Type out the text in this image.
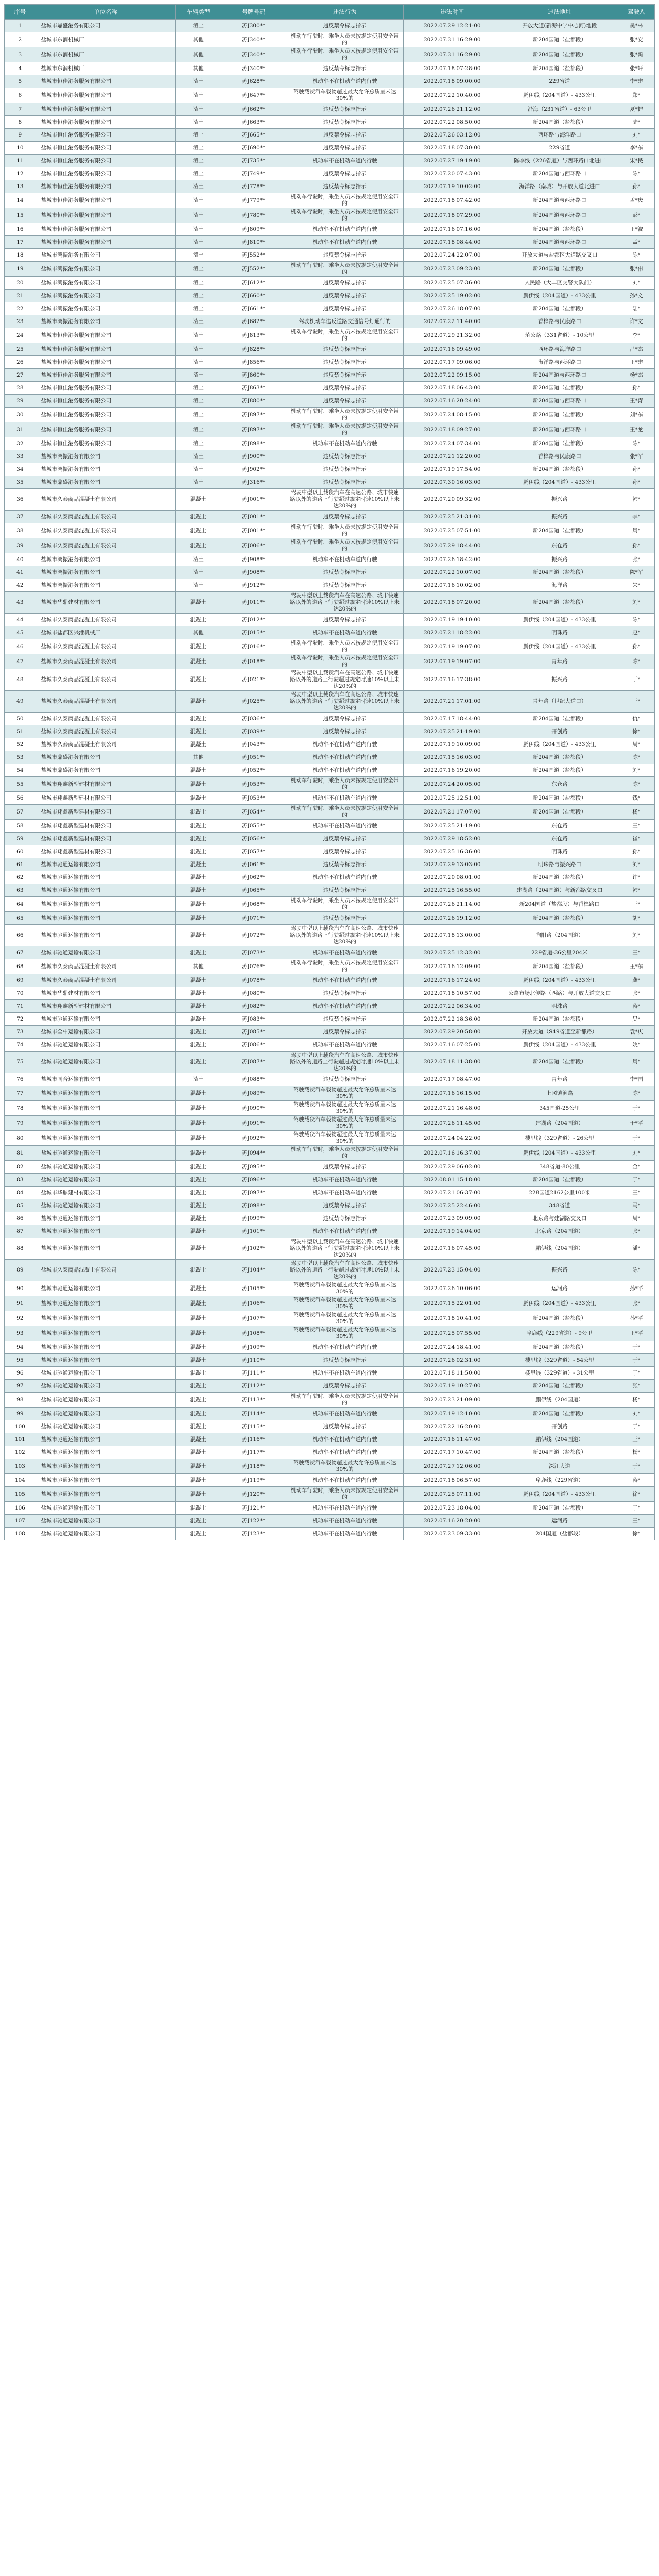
序号	单位名称	车辆类型	号牌号码	违法行为	违法时间	违法地址	驾驶人
1	盐城市鼎盛港务有限公司	渣土	苏J300**	违反禁令标志指示	2022.07.29 12:21:00	开放大道(新海中学中心河)地段	吴*林
2	盐城市东润机械厂	其他	苏J340**	机动车行驶时，乘坐人员未按规定使用安全带的	2022.07.31 16:29:00	新204国道（盐都段）	张*安
3	盐城市东润机械厂	其他	苏J340**	机动车行驶时，乘坐人员未按规定使用安全带的	2022.07.31 16:29:00	新204国道（盐都段）	张*新
4	盐城市东润机械厂	其他	苏J340**	违反禁令标志指示	2022.07.18 07:28:00	新204国道（盐都段）	张*轩
5	盐城市恒佳港务服务有限公司	渣土	苏J628**	机动车不在机动车道内行驶	2022.07.18 09:00:00	229省道	李*建
6	盐城市恒佳港务服务有限公司	渣土	苏J647**	驾驶载货汽车载物超过最大允许总质量未达30%的	2022.07.22 10:40:00	鹏伊线（204国道）- 433公里	郑*
7	盐城市恒佳港务服务有限公司	渣土	苏J662**	违反禁令标志指示	2022.07.26 21:12:00	沿海（231省道）- 63公里	夏*健
8	盐城市恒佳港务服务有限公司	渣土	苏J663**	违反禁令标志指示	2022.07.22 08:50:00	新204国道（盐都段）	陆*
9	盐城市恒佳港务服务有限公司	渣土	苏J665**	违反禁令标志指示	2022.07.26 03:12:00	西环路与海洋路口	刘*
10	盐城市恒佳港务服务有限公司	渣土	苏J690**	违反禁令标志指示	2022.07.18 07:30:00	229省道	李*东
11	盐城市恒佳港务服务有限公司	渣土	苏J735**	机动车不在机动车道内行驶	2022.07.27 19:19:00	陈李线（226省道）与西环路口北进口	宋*民
12	盐城市恒佳港务服务有限公司	渣土	苏J749**	违反禁令标志指示	2022.07.20 07:43:00	新204国道与西环路口	陈*
13	盐城市恒佳港务服务有限公司	渣土	苏J778**	违反禁令标志指示	2022.07.19 10:02:00	海洋路（南城）与开放大道北进口	孙*
14	盐城市恒佳港务服务有限公司	渣土	苏J779**	机动车行驶时，乘坐人员未按规定使用安全带的	2022.07.18 07:42:00	新204国道与西环路口	孟*庆
15	盐城市恒佳港务服务有限公司	渣土	苏J780**	机动车行驶时，乘坐人员未按规定使用安全带的	2022.07.18 07:29:00	新204国道与西环路口	彭*
16	盐城市恒佳港务服务有限公司	渣土	苏J809**	机动车不在机动车道内行驶	2022.07.16 07:16:00	新204国道（盐都段）	王*波
17	盐城市恒佳港务服务有限公司	渣土	苏J810**	机动车不在机动车道内行驶	2022.07.18 08:44:00	新204国道与西环路口	孟*
18	盐城市鸿振港务有限公司	渣土	苏J552**	违反禁令标志指示	2022.07.24 22:07:00	开放大道与盐都区大道路交叉口	陈*
19	盐城市鸿振港务有限公司	渣土	苏J552**	机动车行驶时，乘坐人员未按规定使用安全带的	2022.07.23 09:23:00	新204国道（盐都段）	张*伟
20	盐城市鸿振港务有限公司	渣土	苏J612**	违反禁令标志指示	2022.07.25 07:36:00	人民路（大丰区交警大队前）	刘*
21	盐城市鸿振港务有限公司	渣土	苏J660**	违反禁令标志指示	2022.07.25 19:02:00	鹏伊线（204国道）- 433公里	孙*文
22	盐城市鸿振港务有限公司	渣土	苏J661**	违反禁令标志指示	2022.07.26 18:07:00	新204国道（盐都段）	陆*
23	盐城市鸿振港务有限公司	渣土	苏J682**	驾驶机动车违反道路交通信号灯通行的	2022.07.22 11:40:00	香樟路与民康路口	许*文
24	盐城市恒佳港务服务有限公司	渣土	苏J813**	机动车行驶时，乘坐人员未按规定使用安全带的	2022.07.29 21:32:00	范公路（331省道）- 10公里	李*
25	盐城市恒佳港务服务有限公司	渣土	苏J828**	违反禁令标志指示	2022.07.16 09:49:00	西环路与海洋路口	吕*杰
26	盐城市恒佳港务服务有限公司	渣土	苏J856**	违反禁令标志指示	2022.07.17 09:06:00	海洋路与西环路口	王*建
27	盐城市恒佳港务服务有限公司	渣土	苏J860**	违反禁令标志指示	2022.07.22 09:15:00	新204国道与西环路口	杨*杰
28	盐城市恒佳港务服务有限公司	渣土	苏J863**	违反禁令标志指示	2022.07.18 06:43:00	新204国道（盐都段）	孙*
29	盐城市恒佳港务服务有限公司	渣土	苏J880**	违反禁令标志指示	2022.07.16 20:24:00	新204国道与西环路口	王*涛
30	盐城市恒佳港务服务有限公司	渣土	苏J897**	机动车行驶时，乘坐人员未按规定使用安全带的	2022.07.24 08:15:00	新204国道（盐都段）	刘*东
31	盐城市恒佳港务服务有限公司	渣土	苏J897**	机动车行驶时，乘坐人员未按规定使用安全带的	2022.07.18 09:27:00	新204国道与西环路口	王*龙
32	盐城市恒佳港务服务有限公司	渣土	苏J898**	机动车不在机动车道内行驶	2022.07.24 07:34:00	新204国道（盐都段）	陈*
33	盐城市鸿振港务有限公司	渣土	苏J900**	违反禁令标志指示	2022.07.21 12:20:00	香樟路与民康路口	张*军
34	盐城市鸿振港务有限公司	渣土	苏J902**	违反禁令标志指示	2022.07.19 17:54:00	新204国道（盐都段）	孙*
35	盐城市鼎盛港务有限公司	渣土	苏J316**	违反禁令标志指示	2022.07.30 16:03:00	鹏伊线（204国道）- 433公里	孙*
36	盐城市久泰商品混凝土有限公司	混凝土	苏J001**	驾驶中型以上载货汽车在高速公路、城市快速路以外的道路上行驶超过规定时速10%以上未达20%的	2022.07.20 09:32:00	振兴路	韩*
37	盐城市久泰商品混凝土有限公司	混凝土	苏J001**	违反禁令标志指示	2022.07.25 21:31:00	振兴路	李*
38	盐城市久泰商品混凝土有限公司	混凝土	苏J001**	机动车行驶时，乘坐人员未按规定使用安全带的	2022.07.25 07:51:00	新204国道（盐都段）	周*
39	盐城市久泰商品混凝土有限公司	混凝土	苏J006**	机动车行驶时，乘坐人员未按规定使用安全带的	2022.07.29 18:44:00	东仓路	孙*
40	盐城市鸿振港务有限公司	渣土	苏J908**	机动车不在机动车道内行驶	2022.07.26 18:42:00	振兴路	张*
41	盐城市鸿振港务有限公司	渣土	苏J908**	违反禁令标志指示	2022.07.22 10:07:00	新204国道（盐都段）	陈*军
42	盐城市鸿振港务有限公司	渣土	苏J912**	违反禁令标志指示	2022.07.16 10:02:00	海洋路	朱*
43	盐城市华鼎建材有限公司	混凝土	苏J011**	驾驶中型以上载货汽车在高速公路、城市快速路以外的道路上行驶超过规定时速10%以上未达20%的	2022.07.18 07:20:00	新204国道（盐都段）	刘*
44	盐城市久泰商品混凝土有限公司	混凝土	苏J012**	违反禁令标志指示	2022.07.19 19:10:00	鹏伊线（204国道）- 433公里	陈*
45	盐城市盐都区兴港机械厂	其他	苏J015**	机动车不在机动车道内行驶	2022.07.21 18:22:00	明珠路	赵*
46	盐城市久泰商品混凝土有限公司	混凝土	苏J016**	机动车行驶时，乘坐人员未按规定使用安全带的	2022.07.19 19:07:00	鹏伊线（204国道）- 433公里	孙*
47	盐城市久泰商品混凝土有限公司	混凝土	苏J018**	机动车行驶时，乘坐人员未按规定使用安全带的	2022.07.19 19:07:00	青年路	陈*
48	盐城市久泰商品混凝土有限公司	混凝土	苏J021**	驾驶中型以上载货汽车在高速公路、城市快速路以外的道路上行驶超过规定时速10%以上未达20%的	2022.07.16 17:38:00	振兴路	于*
49	盐城市久泰商品混凝土有限公司	混凝土	苏J025**	驾驶中型以上载货汽车在高速公路、城市快速路以外的道路上行驶超过规定时速10%以上未达20%的	2022.07.21 17:01:00	青年路（世纪大道口）	王*
50	盐城市久泰商品混凝土有限公司	混凝土	苏J036**	违反禁令标志指示	2022.07.17 18:44:00	新204国道（盐都段）	仇*
51	盐城市久泰商品混凝土有限公司	混凝土	苏J039**	违反禁令标志指示	2022.07.25 21:19:00	开创路	徐*
52	盐城市久泰商品混凝土有限公司	混凝土	苏J043**	机动车不在机动车道内行驶	2022.07.19 10:09:00	鹏伊线（204国道）- 433公里	周*
53	盐城市鼎盛港务有限公司	其他	苏J051**	机动车不在机动车道内行驶	2022.07.15 16:03:00	新204国道（盐都段）	陈*
54	盐城市鼎盛港务有限公司	混凝土	苏J052**	机动车不在机动车道内行驶	2022.07.16 19:20:00	新204国道（盐都段）	刘*
55	盐城市翔鑫新型建材有限公司	混凝土	苏J053**	机动车行驶时，乘坐人员未按规定使用安全带的	2022.07.24 20:05:00	东仓路	陈*
56	盐城市翔鑫新型建材有限公司	混凝土	苏J053**	机动车不在机动车道内行驶	2022.07.25 12:51:00	新204国道（盐都段）	钱*
57	盐城市翔鑫新型建材有限公司	混凝土	苏J054**	机动车行驶时，乘坐人员未按规定使用安全带的	2022.07.21 17:07:00	新204国道（盐都段）	杨*
58	盐城市翔鑫新型建材有限公司	混凝土	苏J055**	机动车不在机动车道内行驶	2022.07.25 21:19:00	东仓路	王*
59	盐城市翔鑫新型建材有限公司	混凝土	苏J056**	违反禁令标志指示	2022.07.29 18:52:00	东仓路	崔*
60	盐城市翔鑫新型建材有限公司	混凝土	苏J057**	违反禁令标志指示	2022.07.25 16:36:00	明珠路	孙*
61	盐城市驰通运输有限公司	混凝土	苏J061**	违反禁令标志指示	2022.07.29 13:03:00	明珠路与振兴路口	刘*
62	盐城市驰通运输有限公司	混凝土	苏J062**	机动车不在机动车道内行驶	2022.07.20 08:01:00	新204国道（盐都段）	许*
63	盐城市驰通运输有限公司	混凝土	苏J065**	违反禁令标志指示	2022.07.25 16:55:00	建湖路（204国道）与新都路交叉口	韩*
64	盐城市驰通运输有限公司	混凝土	苏J068**	机动车行驶时，乘坐人员未按规定使用安全带的	2022.07.26 21:14:00	新204国道（盐都段）与香樟路口	王*
65	盐城市驰通运输有限公司	混凝土	苏J071**	违反禁令标志指示	2022.07.26 19:12:00	新204国道（盐都段）	胡*
66	盐城市驰通运输有限公司	混凝土	苏J072**	驾驶中型以上载货汽车在高速公路、城市快速路以外的道路上行驶超过规定时速10%以上未达20%的	2022.07.18 13:00:00	向阳路（204国道）	刘*
67	盐城市驰通运输有限公司	混凝土	苏J073**	机动车不在机动车道内行驶	2022.07.25 12:32:00	229省道-36公里204米	王*
68	盐城市久泰商品混凝土有限公司	其他	苏J076**	机动车行驶时，乘坐人员未按规定使用安全带的	2022.07.16 12:09:00	新204国道（盐都段）	王*东
69	盐城市久泰商品混凝土有限公司	混凝土	苏J078**	机动车不在机动车道内行驶	2022.07.16 17:24:00	鹏伊线（204国道）- 433公里	龚*
70	盐城市华鼎建材有限公司	混凝土	苏J080**	违反禁令标志指示	2022.07.18 10:57:00	公路市场北侧路（西路）与开放大道交叉口	张*
71	盐城市翔鑫新型建材有限公司	混凝土	苏J082**	机动车不在机动车道内行驶	2022.07.22 06:34:00	明珠路	蒋*
72	盐城市驰通运输有限公司	混凝土	苏J083**	违反禁令标志指示	2022.07.22 18:36:00	新204国道（盐都段）	吴*
73	盐城市全中运输有限公司	混凝土	苏J085**	违反禁令标志指示	2022.07.29 20:58:00	开放大道（S49省道至新都路）	袁*庆
74	盐城市驰通运输有限公司	混凝土	苏J086**	机动车不在机动车道内行驶	2022.07.16 07:25:00	鹏伊线（204国道）- 433公里	姚*
75	盐城市驰通运输有限公司	混凝土	苏J087**	驾驶中型以上载货汽车在高速公路、城市快速路以外的道路上行驶超过规定时速10%以上未达20%的	2022.07.18 11:38:00	新204国道（盐都段）	周*
76	盐城市同合运输有限公司	渣土	苏J088**	违反禁令标志指示	2022.07.17 08:47:00	青年路	李*国
77	盐城市驰通运输有限公司	混凝土	苏J089**	驾驶载货汽车载物超过最大允许总质量未达30%的	2022.07.16 16:15:00	上冈镇渔路	陈*
78	盐城市驰通运输有限公司	混凝土	苏J090**	驾驶载货汽车载物超过最大允许总质量未达30%的	2022.07.21 16:48:00	345国道-25公里	于*
79	盐城市驰通运输有限公司	混凝土	苏J091**	驾驶载货汽车载物超过最大允许总质量未达30%的	2022.07.26 11:45:00	建湖路（204国道）	于*平
80	盐城市驰通运输有限公司	混凝土	苏J092**	驾驶载货汽车载物超过最大允许总质量未达30%的	2022.07.24 04:22:00	楼里线（329省道）- 26公里	于*
81	盐城市驰通运输有限公司	混凝土	苏J094**	机动车行驶时，乘坐人员未按规定使用安全带的	2022.07.16 16:37:00	鹏伊线（204国道）- 433公里	刘*
82	盐城市驰通运输有限公司	混凝土	苏J095**	违反禁令标志指示	2022.07.29 06:02:00	348省道-80公里	金*
83	盐城市驰通运输有限公司	混凝土	苏J096**	机动车不在机动车道内行驶	2022.08.01 15:18:00	新204国道（盐都段）	于*
84	盐城市华鼎建材有限公司	混凝土	苏J097**	机动车不在机动车道内行驶	2022.07.21 06:37:00	228国道2162公里100米	王*
85	盐城市驰通运输有限公司	混凝土	苏J098**	违反禁令标志指示	2022.07.25 22:46:00	348省道	马*
86	盐城市驰通运输有限公司	混凝土	苏J099**	违反禁令标志指示	2022.07.23 09:09:00	北京路与建湖路交叉口	周*
87	盐城市驰通运输有限公司	混凝土	苏J101**	机动车不在机动车道内行驶	2022.07.19 14:04:00	北京路（204国道）	张*
88	盐城市驰通运输有限公司	混凝土	苏J102**	驾驶中型以上载货汽车在高速公路、城市快速路以外的道路上行驶超过规定时速10%以上未达20%的	2022.07.16 07:45:00	鹏伊线（204国道）	潘*
89	盐城市久泰商品混凝土有限公司	混凝土	苏J104**	驾驶中型以上载货汽车在高速公路、城市快速路以外的道路上行驶超过规定时速10%以上未达20%的	2022.07.23 15:04:00	振兴路	陈*
90	盐城市驰通运输有限公司	混凝土	苏J105**	驾驶载货汽车载物超过最大允许总质量未达30%的	2022.07.26 10:06:00	运河路	孙*平
91	盐城市驰通运输有限公司	混凝土	苏J106**	驾驶载货汽车载物超过最大允许总质量未达30%的	2022.07.15 22:01:00	鹏伊线（204国道）- 433公里	张*
92	盐城市驰通运输有限公司	混凝土	苏J107**	驾驶载货汽车载物超过最大允许总质量未达30%的	2022.07.18 10:41:00	新204国道（盐都段）	孙*平
93	盐城市驰通运输有限公司	混凝土	苏J108**	驾驶载货汽车载物超过最大允许总质量未达30%的	2022.07.25 07:55:00	阜鹿线（229省道）- 9公里	王*平
94	盐城市驰通运输有限公司	混凝土	苏J109**	机动车不在机动车道内行驶	2022.07.24 18:41:00	新204国道（盐都段）	于*
95	盐城市驰通运输有限公司	混凝土	苏J110**	违反禁令标志指示	2022.07.26 02:31:00	楼里线（329省道）- 54公里	于*
96	盐城市驰通运输有限公司	混凝土	苏J111**	机动车不在机动车道内行驶	2022.07.18 11:50:00	楼里线（329省道）- 31公里	于*
97	盐城市驰通运输有限公司	混凝土	苏J112**	违反禁令标志指示	2022.07.19 10:27:00	新204国道（盐都段）	张*
98	盐城市驰通运输有限公司	混凝土	苏J113**	机动车行驶时，乘坐人员未按规定使用安全带的	2022.07.23 21:09:00	鹏伊线（204国道）	杨*
99	盐城市驰通运输有限公司	混凝土	苏J114**	机动车不在机动车道内行驶	2022.07.19 12:10:00	新204国道（盐都段）	刘*
100	盐城市驰通运输有限公司	混凝土	苏J115**	违反禁令标志指示	2022.07.22 16:20:00	开创路	于*
101	盐城市驰通运输有限公司	混凝土	苏J116**	机动车不在机动车道内行驶	2022.07.16 11:47:00	鹏伊线（204国道）	王*
102	盐城市驰通运输有限公司	混凝土	苏J117**	机动车不在机动车道内行驶	2022.07.17 10:47:00	新204国道（盐都段）	杨*
103	盐城市驰通运输有限公司	混凝土	苏J118**	驾驶载货汽车载物超过最大允许总质量未达30%的	2022.07.27 12:06:00	深江大道	于*
104	盐城市驰通运输有限公司	混凝土	苏J119**	机动车不在机动车道内行驶	2022.07.18 06:57:00	阜鹿线（229省道）	蒋*
105	盐城市驰通运输有限公司	混凝土	苏J120**	机动车行驶时，乘坐人员未按规定使用安全带的	2022.07.25 07:11:00	鹏伊线（204国道）- 433公里	徐*
106	盐城市驰通运输有限公司	混凝土	苏J121**	机动车不在机动车道内行驶	2022.07.23 18:04:00	新204国道（盐都段）	于*
107	盐城市驰通运输有限公司	混凝土	苏J122**	机动车不在机动车道内行驶	2022.07.16 20:20:00	运河路	王*
108	盐城市驰通运输有限公司	混凝土	苏J123**	机动车不在机动车道内行驶	2022.07.23 09:33:00	204国道（盐都段）	徐*
